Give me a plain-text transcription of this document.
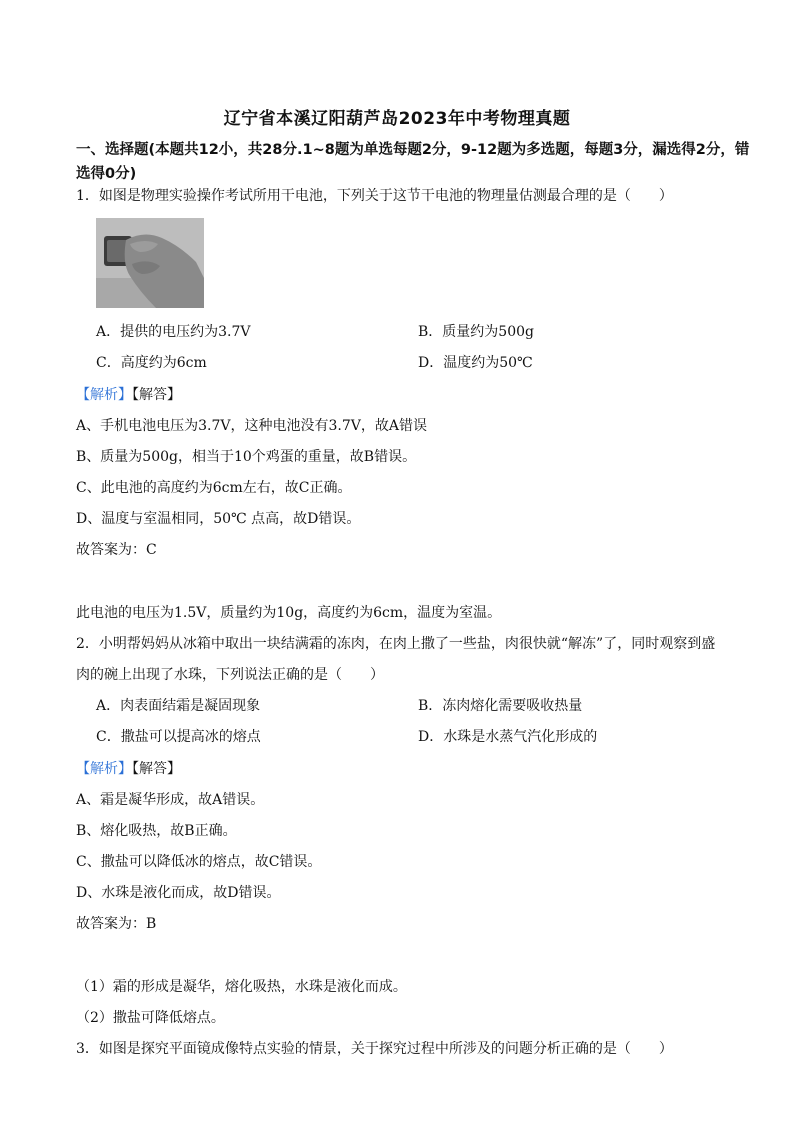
辽宁省本溪辽阳葫芦岛2023年中考物理真题
一、选择题(本题共12小，共28分.1~8题为单选每题2分，9-12题为多选题，每题3分，漏选得2分，错选得0分)
1．如图是物理实验操作考试所用干电池，下列关于这节干电池的物理量估测最合理的是（　　）
A．提供的电压约为3.7V	B．质量约为500g
C．高度约为6cm	D．温度约为50℃
【解析】【解答】
A、手机电池电压为3.7V，这种电池没有3.7V，故A错误
B、质量为500g，相当于10个鸡蛋的重量，故B错误。
C、此电池的高度约为6cm左右，故C正确。
D、温度与室温相同，50℃ 点高，故D错误。
故答案为：C
此电池的电压为1.5V，质量约为10g，高度约为6cm，温度为室温。
2．小明帮妈妈从冰箱中取出一块结满霜的冻肉，在肉上撒了一些盐，肉很快就“解冻”了，同时观察到盛
肉的碗上出现了水珠，下列说法正确的是（　　）
A．肉表面结霜是凝固现象	B．冻肉熔化需要吸收热量
C．撒盐可以提高冰的熔点	D．水珠是水蒸气汽化形成的
【解析】【解答】
A、霜是凝华形成，故A错误。
B、熔化吸热，故B正确。
C、撒盐可以降低冰的熔点，故C错误。
D、水珠是液化而成，故D错误。
故答案为：B
（1）霜的形成是凝华，熔化吸热，水珠是液化而成。
（2）撒盐可降低熔点。
3．如图是探究平面镜成像特点实验的情景，关于探究过程中所涉及的问题分析正确的是（　　）
